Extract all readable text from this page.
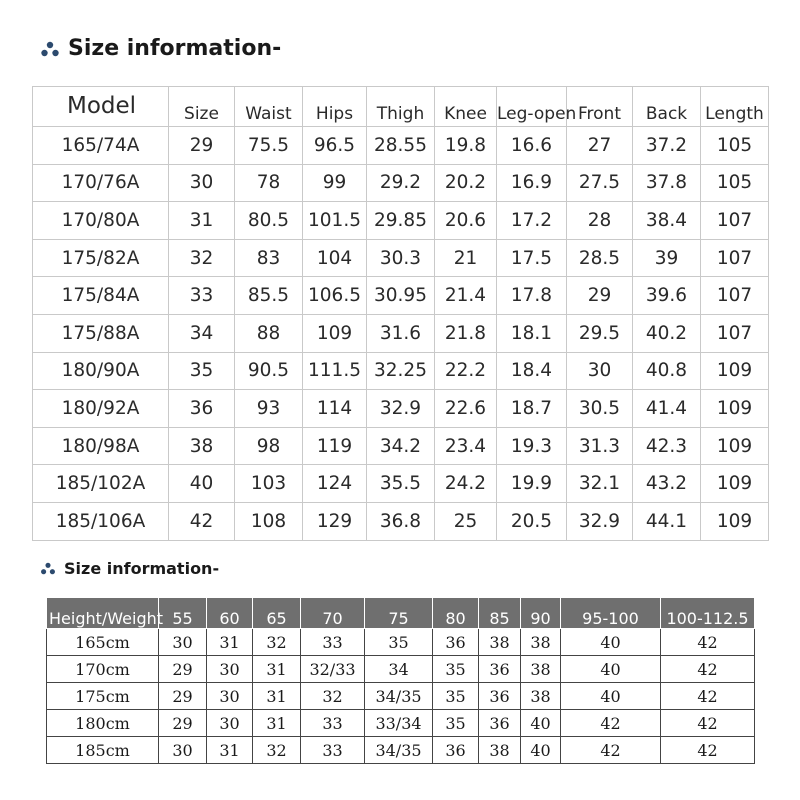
Size information-
Model	Size	Waist	Hips	Thigh	Knee	Leg-open	Front	Back	Length
165/74A	29	75.5	96.5	28.55	19.8	16.6	27	37.2	105
170/76A	30	78	99	29.2	20.2	16.9	27.5	37.8	105
170/80A	31	80.5	101.5	29.85	20.6	17.2	28	38.4	107
175/82A	32	83	104	30.3	21	17.5	28.5	39	107
175/84A	33	85.5	106.5	30.95	21.4	17.8	29	39.6	107
175/88A	34	88	109	31.6	21.8	18.1	29.5	40.2	107
180/90A	35	90.5	111.5	32.25	22.2	18.4	30	40.8	109
180/92A	36	93	114	32.9	22.6	18.7	30.5	41.4	109
180/98A	38	98	119	34.2	23.4	19.3	31.3	42.3	109
185/102A	40	103	124	35.5	24.2	19.9	32.1	43.2	109
185/106A	42	108	129	36.8	25	20.5	32.9	44.1	109
Size information-
Height/Weight	55	60	65	70	75	80	85	90	95-100	100-112.5
165cm	30	31	32	33	35	36	38	38	40	42
170cm	29	30	31	32/33	34	35	36	38	40	42
175cm	29	30	31	32	34/35	35	36	38	40	42
180cm	29	30	31	33	33/34	35	36	40	42	42
185cm	30	31	32	33	34/35	36	38	40	42	42
